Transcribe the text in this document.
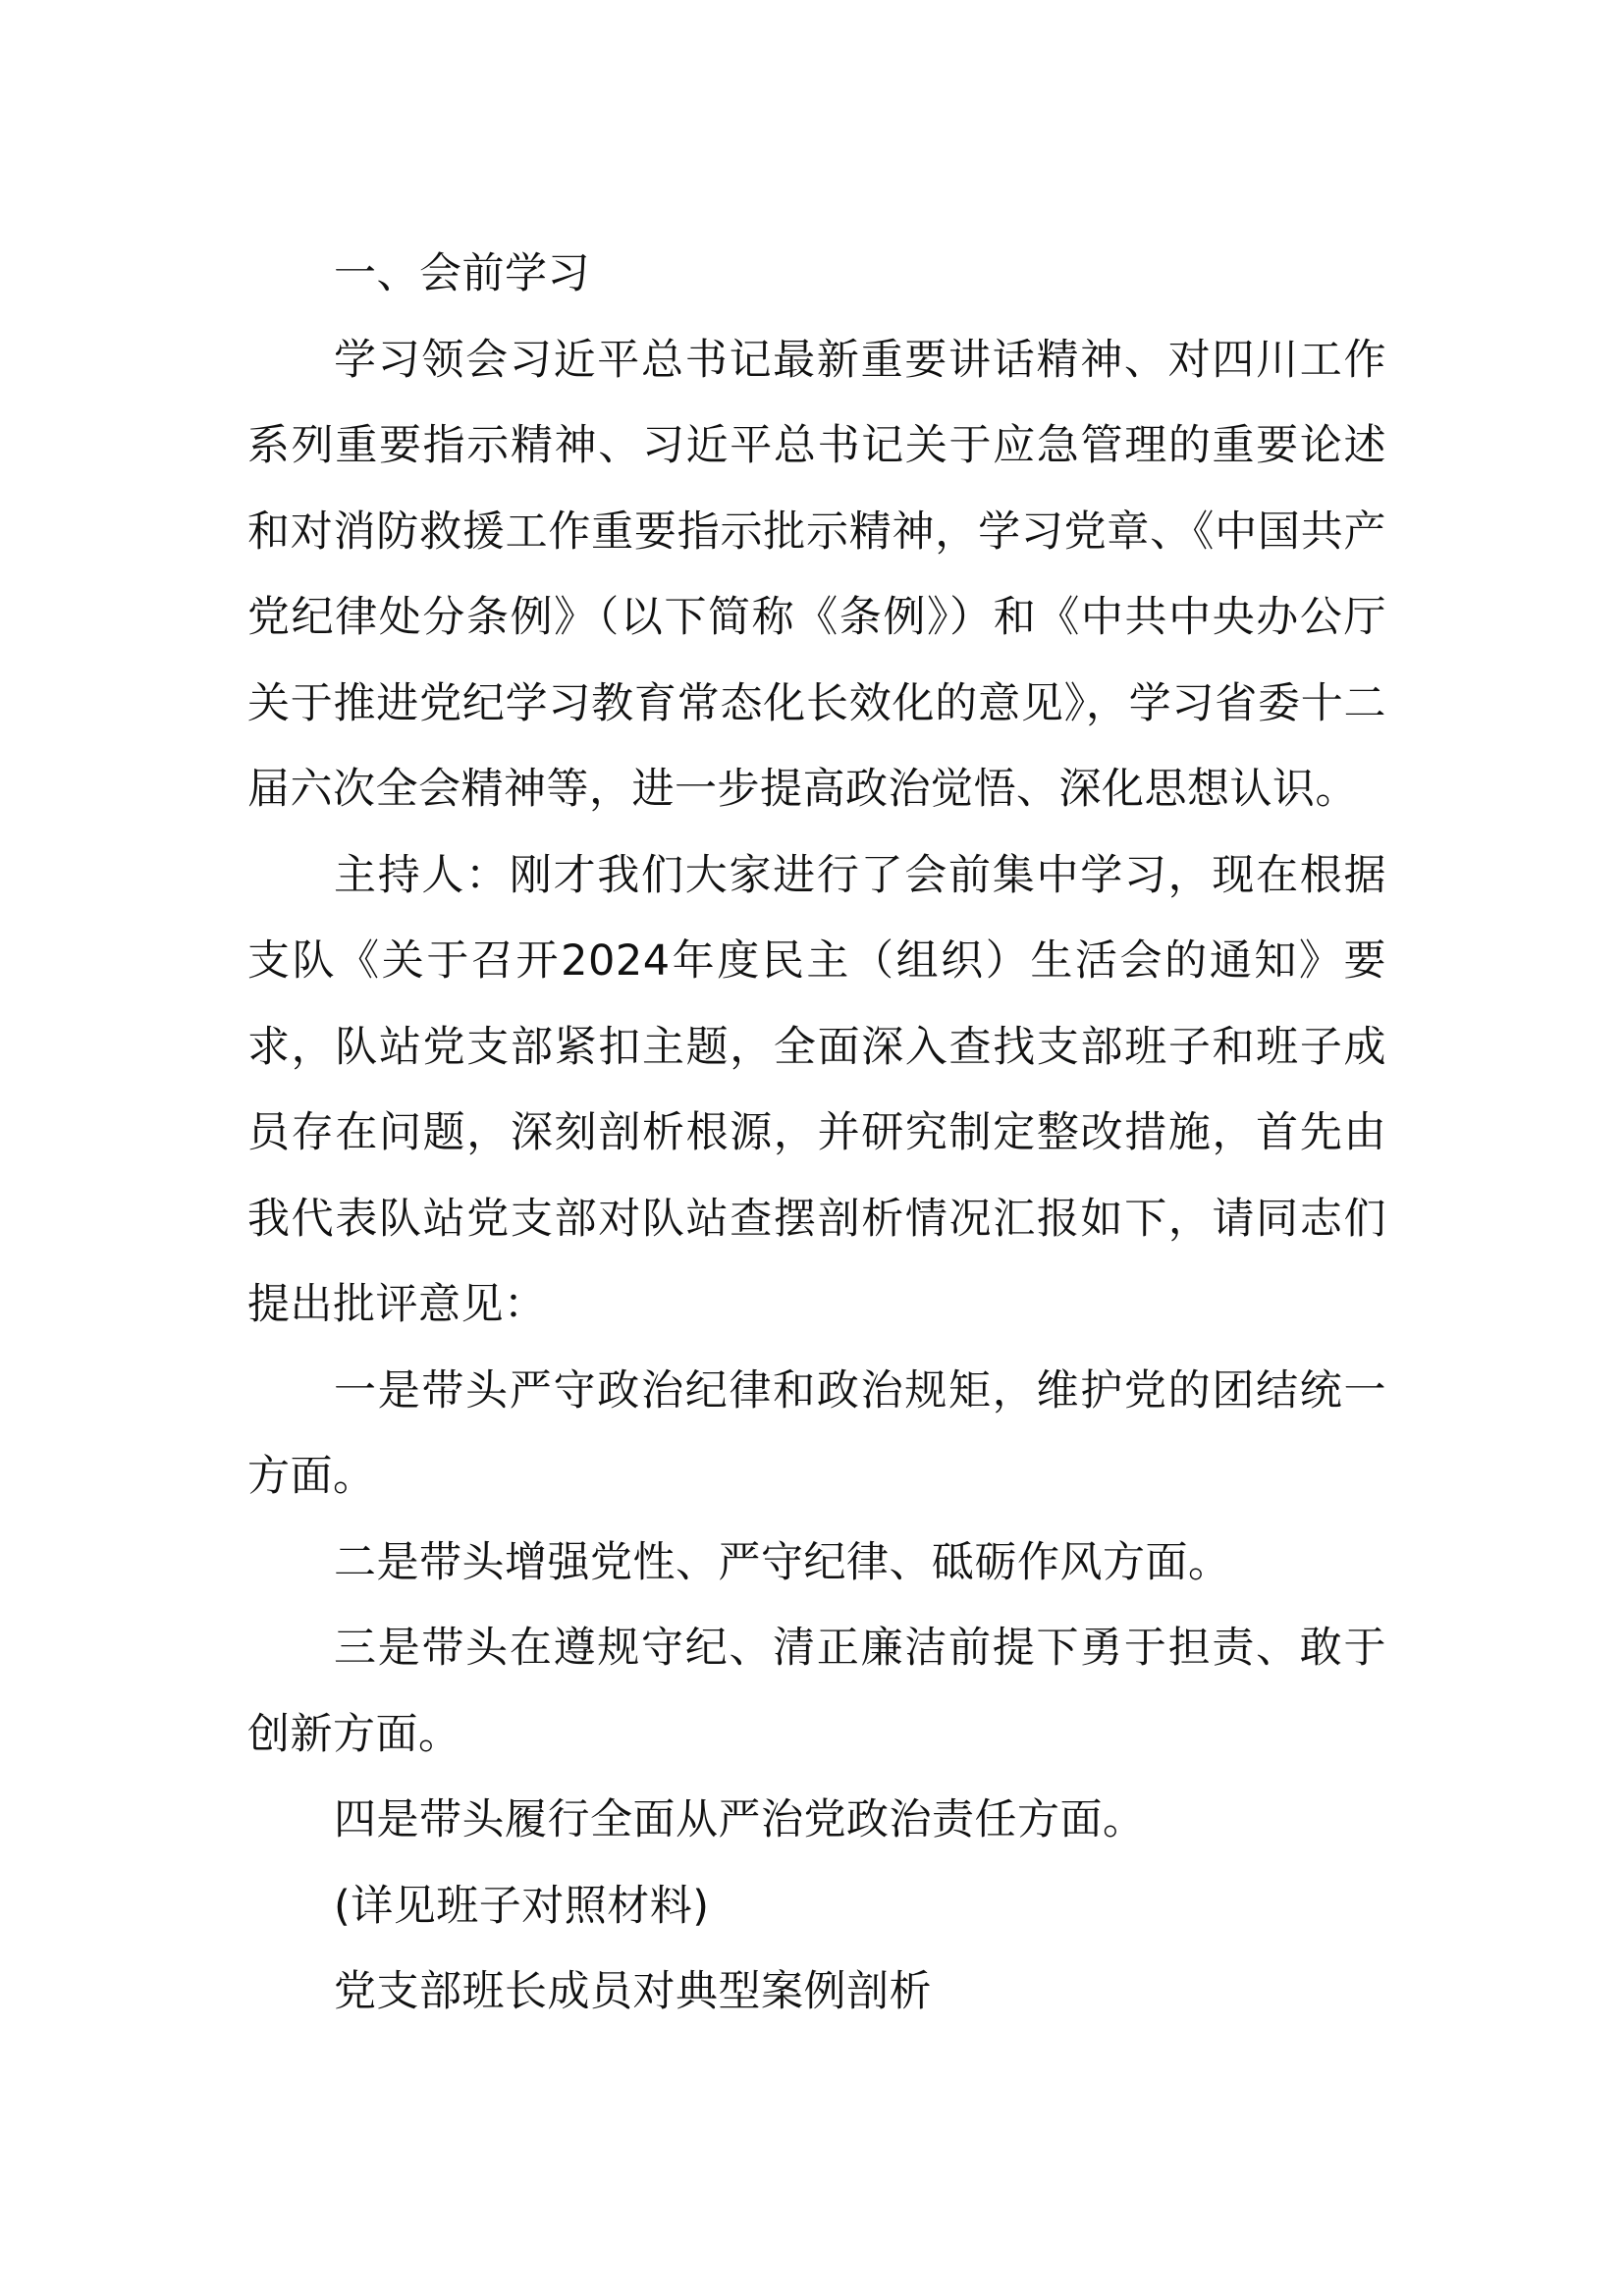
一、会前学习

学习领会习近平总书记最新重要讲话精神、对四川工作系列重要指示精神、习近平总书记关于应急管理的重要论述和对消防救援工作重要指示批示精神，学习党章、《中国共产党纪律处分条例》（以下简称《条例》）和《中共中央办公厅关于推进党纪学习教育常态化长效化的意见》，学习省委十二届六次全会精神等，进一步提高政治觉悟、深化思想认识。

主持人：刚才我们大家进行了会前集中学习，现在根据支队《关于召开2024年度民主（组织）生活会的通知》要求，队站党支部紧扣主题，全面深入查找支部班子和班子成员存在问题，深刻剖析根源，并研究制定整改措施，首先由我代表队站党支部对队站查摆剖析情况汇报如下，请同志们提出批评意见：

一是带头严守政治纪律和政治规矩，维护党的团结统一方面。

二是带头增强党性、严守纪律、砥砺作风方面。

三是带头在遵规守纪、清正廉洁前提下勇于担责、敢于创新方面。

四是带头履行全面从严治党政治责任方面。

(详见班子对照材料)

党支部班长成员对典型案例剖析
